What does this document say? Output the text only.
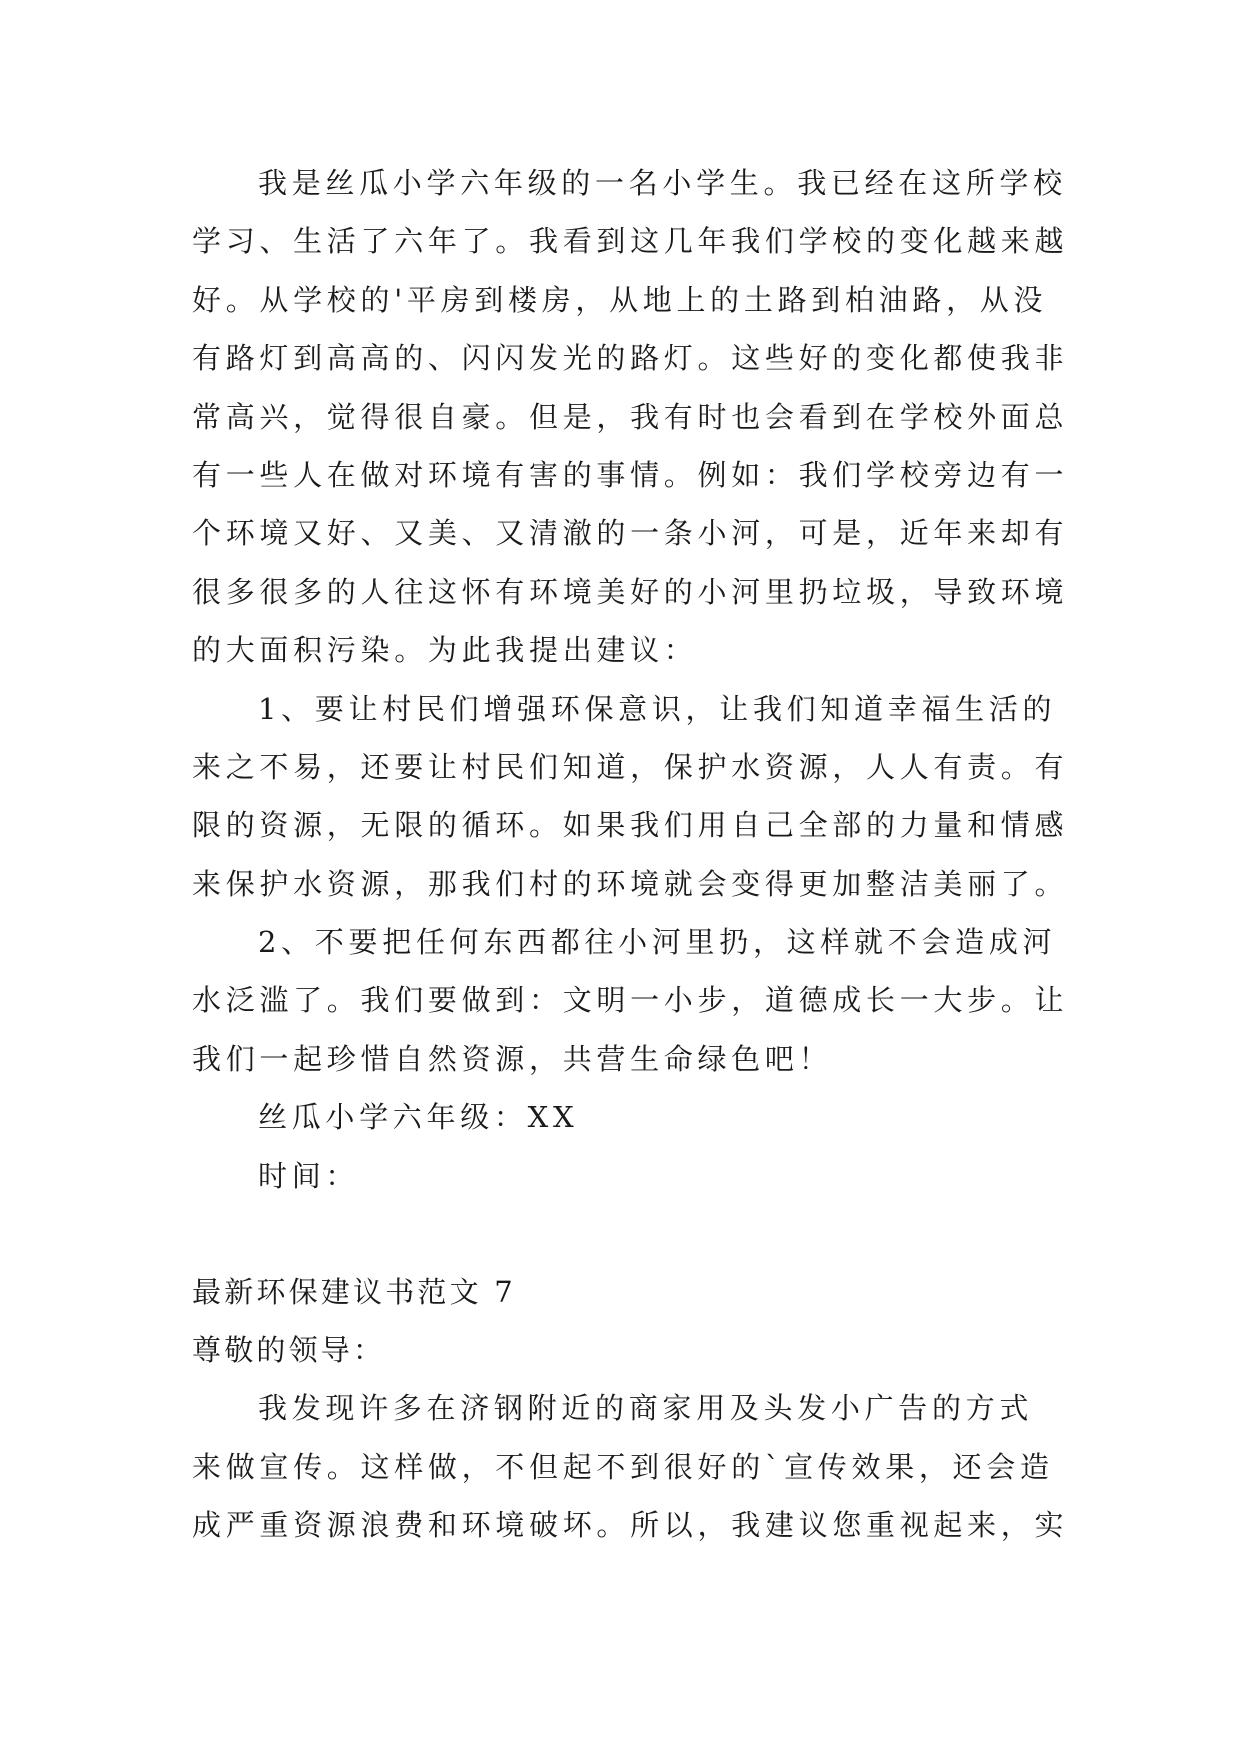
我是丝瓜小学六年级的一名小学生。我已经在这所学校
学习、生活了六年了。我看到这几年我们学校的变化越来越
好。从学校的'平房到楼房，从地上的土路到柏油路，从没
有路灯到高高的、闪闪发光的路灯。这些好的变化都使我非
常高兴，觉得很自豪。但是，我有时也会看到在学校外面总
有一些人在做对环境有害的事情。例如：我们学校旁边有一
个环境又好、又美、又清澈的一条小河，可是，近年来却有
很多很多的人往这怀有环境美好的小河里扔垃圾，导致环境
的大面积污染。为此我提出建议：
1、要让村民们增强环保意识，让我们知道幸福生活的
来之不易，还要让村民们知道，保护水资源，人人有责。有
限的资源，无限的循环。如果我们用自己全部的力量和情感
来保护水资源，那我们村的环境就会变得更加整洁美丽了。
2、不要把任何东西都往小河里扔，这样就不会造成河
水泛滥了。我们要做到：文明一小步，道德成长一大步。让
我们一起珍惜自然资源，共营生命绿色吧！
丝瓜小学六年级：XX
时间：
最新环保建议书范文 7
尊敬的领导：
我发现许多在济钢附近的商家用及头发小广告的方式
来做宣传。这样做，不但起不到很好的`宣传效果，还会造
成严重资源浪费和环境破坏。所以，我建议您重视起来，实
